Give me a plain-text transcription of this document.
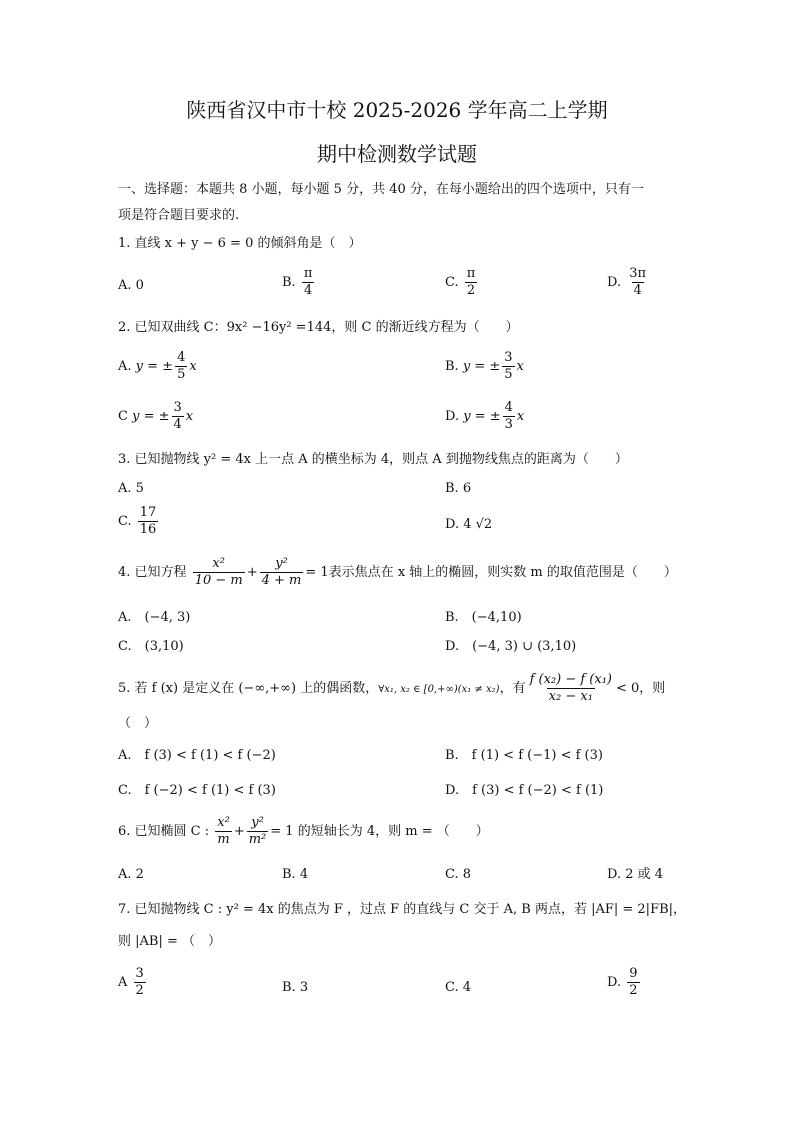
陕西省汉中市十校 2025-2026 学年高二上学期
期中检测数学试题
一、选择题：本题共 8 小题，每小题 5 分，共 40 分，在每小题给出的四个选项中，只有一
项是符合题目要求的.
1. 直线 x + y − 6 = 0 的倾斜角是（　）
A. 0	B. $\frac{\pi}{4}$	C. $\frac{\pi}{2}$	D. $\frac{3\pi}{4}$
2. 已知双曲线 C：9x² −16y² =144，则 C 的渐近线方程为（　　）
A. y = ± $\frac{4}{5}$ x	B. y = ± $\frac{3}{5}$ x
C y = ± $\frac{3}{4}$ x	D. y = ± $\frac{4}{3}$ x
3. 已知抛物线 y² = 4x 上一点 A 的横坐标为 4，则点 A 到抛物线焦点的距离为（　　）
A. 5	B. 6
C. $\frac{17}{16}$	D. 4 √2
4. 已知方程 $\frac{\text{x²}}{10 - m} + \frac{\text{y²}}{4 + m} = 1$表示焦点在 x 轴上的椭圆，则实数 m 的取值范围是（　　）
A.　(−4, 3)	B.　(−4,10)
C.　(3,10)	D.　(−4, 3) ∪ (3,10)
5. 若 f (x) 是定义在 (−∞,+∞) 上的偶函数，∀x₁, x₂ ∈ [0,+∞)(x₁ ≠ x₂)，有 $\frac{\text{f (x₂) − f (x₁)}}{\text{x₂ − x₁}} < 0$，则
（　）
A.　f (3) < f (1) < f (−2)	B.　f (1) < f (−1) < f (3)
C.　f (−2) < f (1) < f (3)	D.　f (3) < f (−2) < f (1)
6. 已知椭圆 C : $\frac{\text{x²}}{m} + \frac{\text{y²}}{\text{m²}} = 1$ 的短轴长为 4，则 m = （　　）
A. 2	B. 4	C. 8	D. 2 或 4
7. 已知抛物线 C : y² = 4x 的焦点为 F ，过点 F 的直线与 C 交于 A, B 两点，若 |AF| = 2|FB|，
则 |AB| = （　）
A $\frac{3}{2}$	B. 3	C. 4	D. $\frac{9}{2}$
